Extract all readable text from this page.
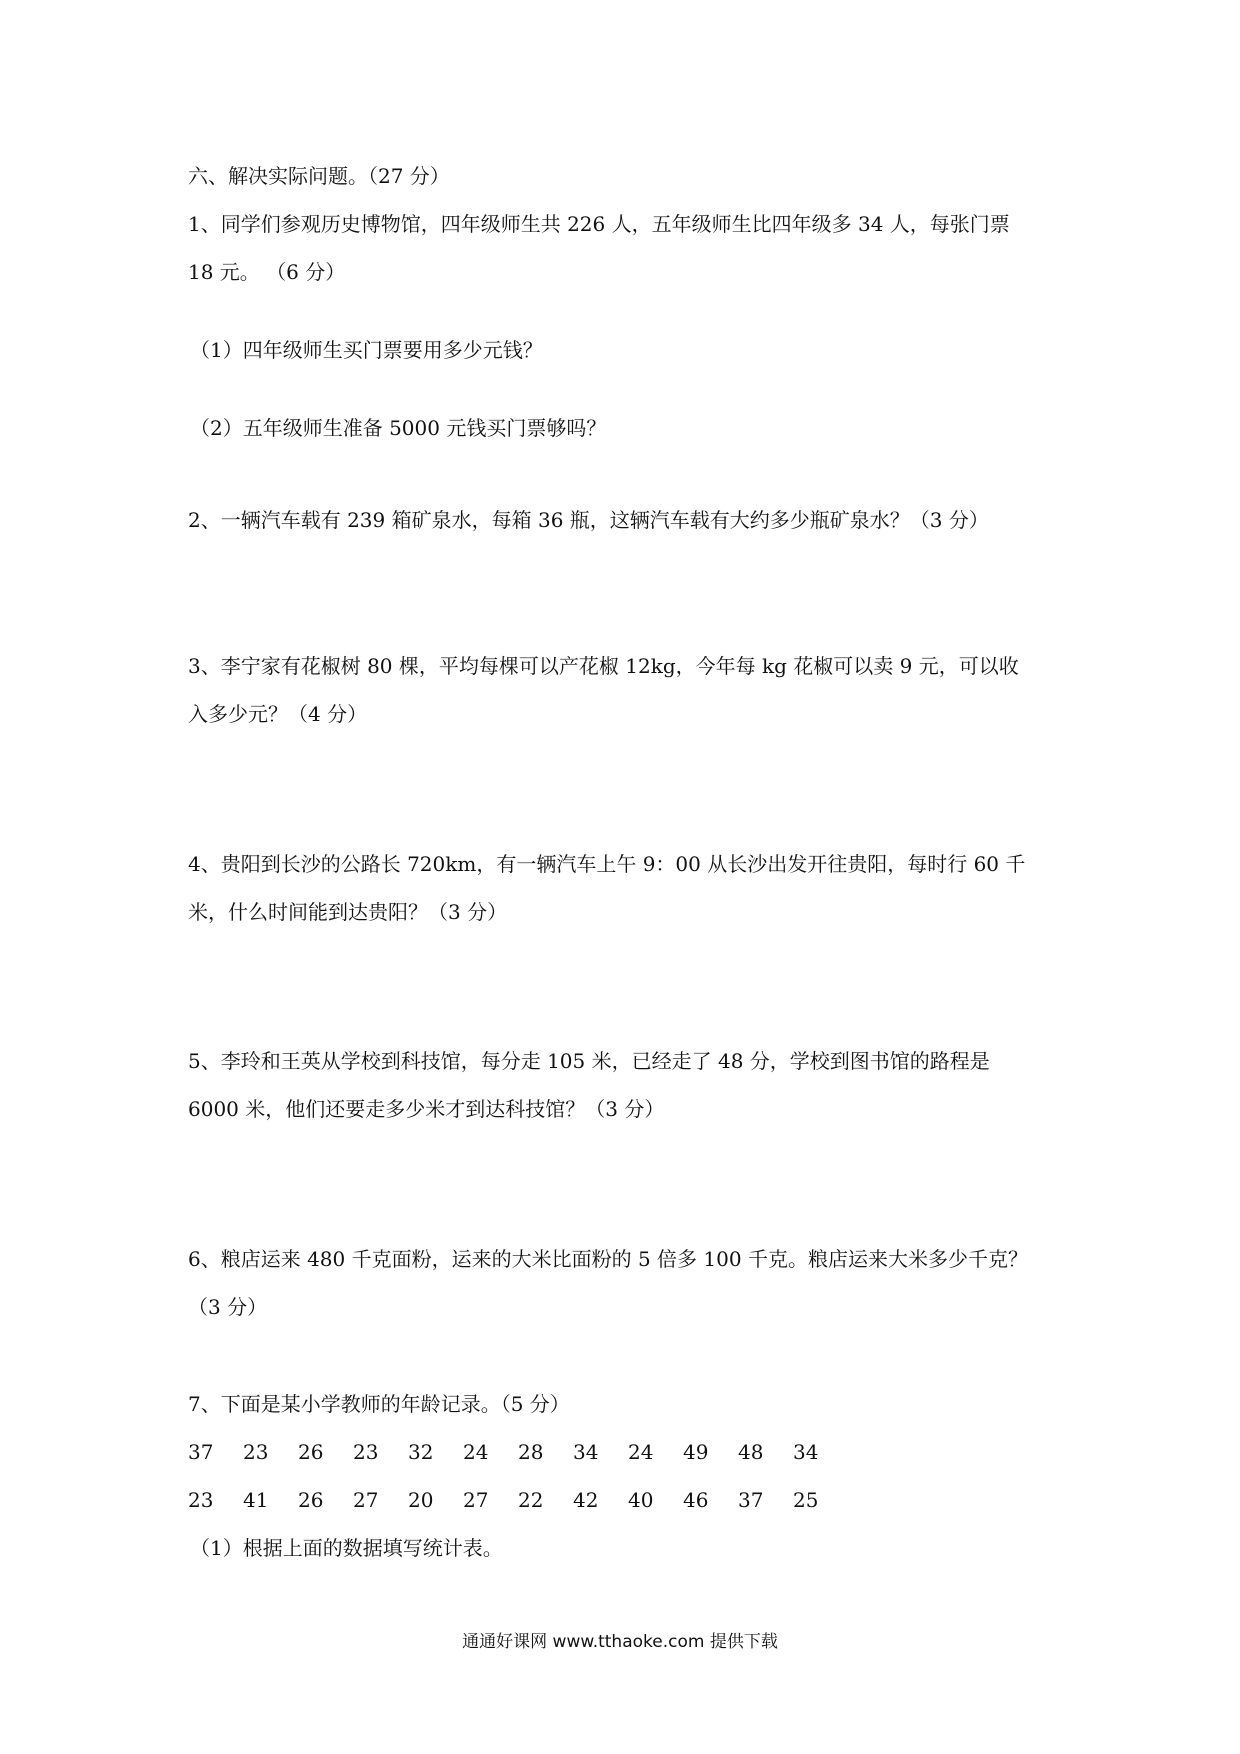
六、解决实际问题。（27 分）
1、同学们参观历史博物馆，四年级师生共 226 人，五年级师生比四年级多 34 人，每张门票
18 元。 （6 分）
（1）四年级师生买门票要用多少元钱？
（2）五年级师生准备 5000 元钱买门票够吗？
2、一辆汽车载有 239 箱矿泉水，每箱 36 瓶，这辆汽车载有大约多少瓶矿泉水？（3 分）
3、李宁家有花椒树 80 棵，平均每棵可以产花椒 12kg，今年每 kg 花椒可以卖 9 元，可以收
入多少元？（4 分）
4、贵阳到长沙的公路长 720km，有一辆汽车上午 9：00 从长沙出发开往贵阳，每时行 60 千
米，什么时间能到达贵阳？（3 分）
5、李玲和王英从学校到科技馆，每分走 105 米，已经走了 48 分，学校到图书馆的路程是
6000 米，他们还要走多少米才到达科技馆？（3 分）
6、粮店运来 480 千克面粉，运来的大米比面粉的 5 倍多 100 千克。粮店运来大米多少千克？
（3 分）
7、下面是某小学教师的年龄记录。（5 分）
37	23	26	23	32	24	28	34	24	49	48	34
23	41	26	27	20	27	22	42	40	46	37	25
（1）根据上面的数据填写统计表。
通通好课网 www.tthaoke.com 提供下载
